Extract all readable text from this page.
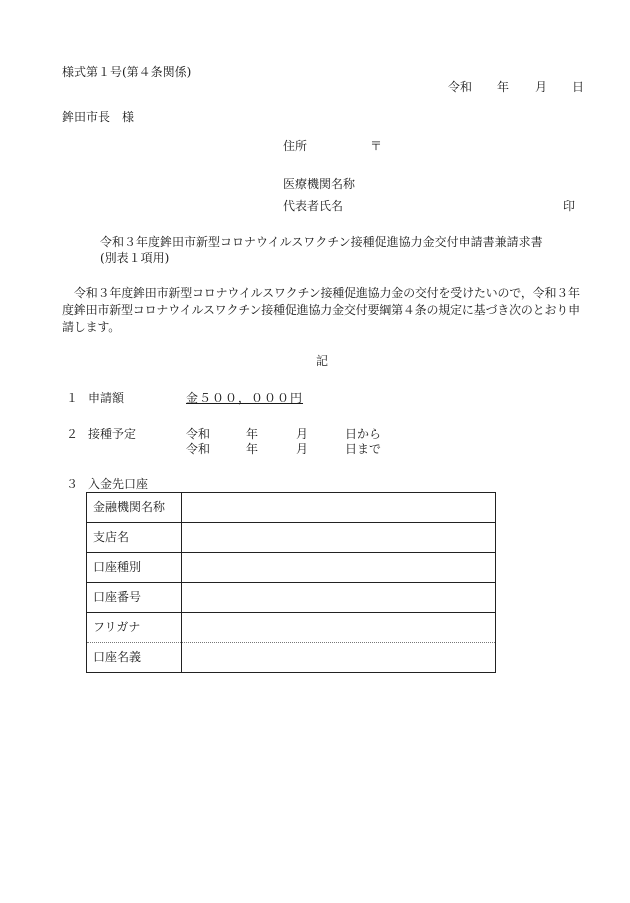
様式第１号(第４条関係)
令和 年 月 日
鉾田市長　様
住所	〒
医療機関名称
代表者氏名	印
令和３年度鉾田市新型コロナウイルスワクチン接種促進協力金交付申請書兼請求書
(別表１項用)
令和３年度鉾田市新型コロナウイルスワクチン接種促進協力金の交付を受けたいので，令和３年度鉾田市新型コロナウイルスワクチン接種促進協力金交付要綱第４条の規定に基づき次のとおり申請します。
記
１ 申請額	金５００，０００円
２ 接種予定	令和	年	月	日から
令和	年	月	日まで
３ 入金先口座
金融機関名称	
支店名	
口座種別	
口座番号	
フリガナ	
口座名義	
